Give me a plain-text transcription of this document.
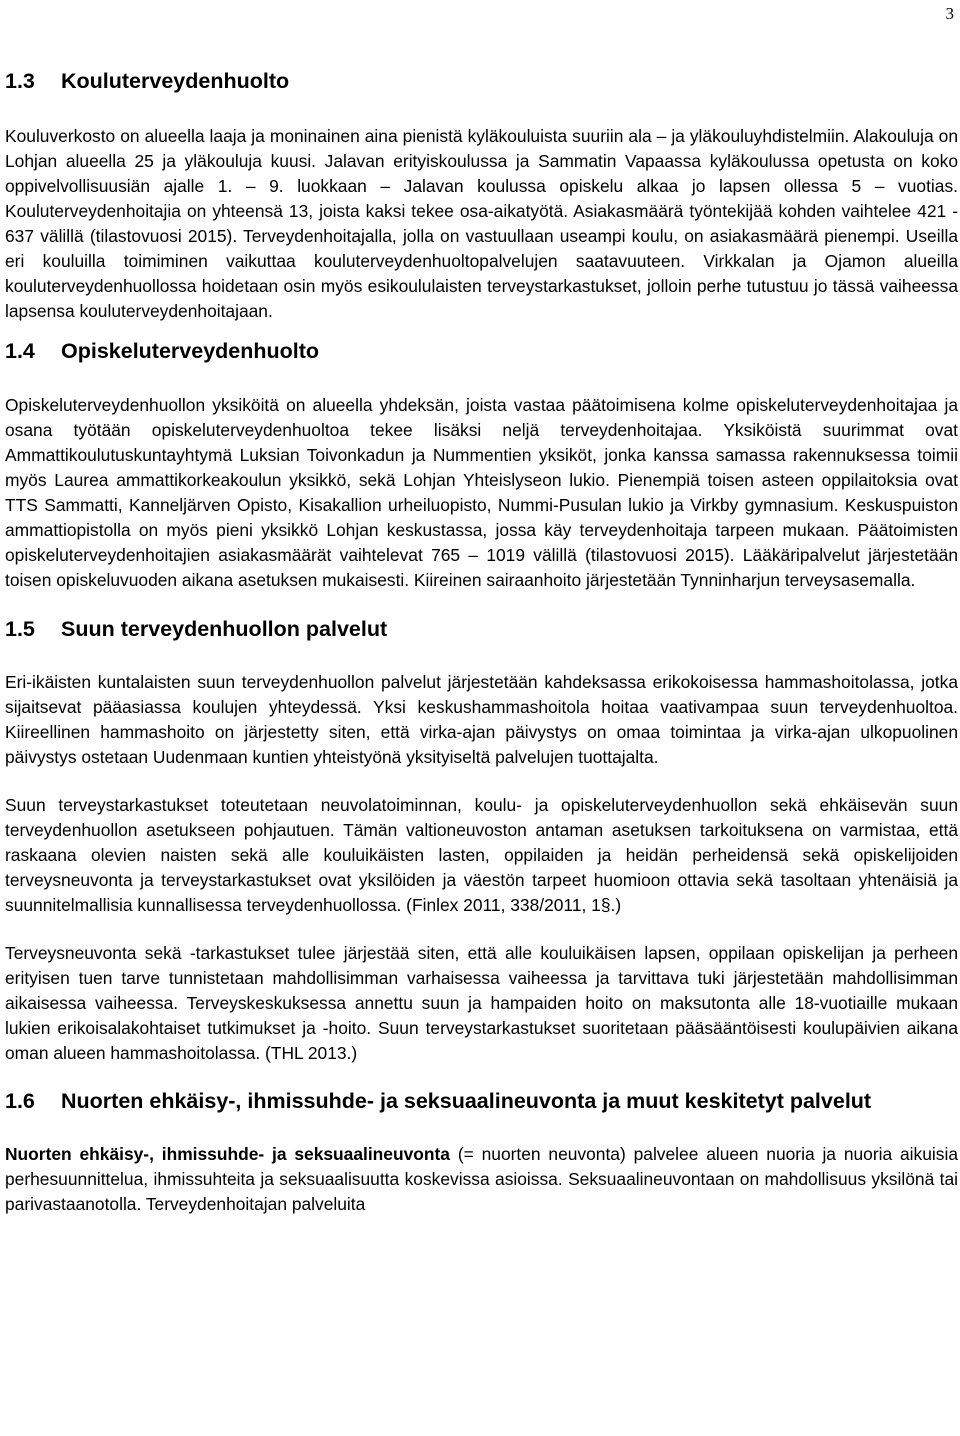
3
1.3 Kouluterveydenhuolto

Kouluverkosto on alueella laaja ja moninainen aina pienistä kyläkouluista suuriin ala – ja yläkouluyhdistelmiin. Alakouluja on Lohjan alueella 25 ja yläkouluja kuusi. Jalavan erityiskoulussa ja Sammatin Vapaassa kyläkoulussa opetusta on koko oppivelvollisuusiän ajalle 1. – 9. luokkaan – Jalavan koulussa opiskelu alkaa jo lapsen ollessa 5 – vuotias. Kouluterveydenhoitajia on yhteensä 13, joista kaksi tekee osa-aikatyötä. Asiakasmäärä työntekijää kohden vaihtelee 421 - 637 välillä (tilastovuosi 2015). Terveydenhoitajalla, jolla on vastuullaan useampi koulu, on asiakasmäärä pienempi. Useilla eri kouluilla toimiminen vaikuttaa kouluterveydenhuoltopalvelujen saatavuuteen. Virkkalan ja Ojamon alueilla kouluterveydenhuollossa hoidetaan osin myös esikoululaisten terveystarkastukset, jolloin perhe tutustuu jo tässä vaiheessa lapsensa kouluterveydenhoitajaan.

1.4 Opiskeluterveydenhuolto

Opiskeluterveydenhuollon yksiköitä on alueella yhdeksän, joista vastaa päätoimisena kolme opiskeluterveydenhoitajaa ja osana työtään opiskeluterveydenhuoltoa tekee lisäksi neljä terveydenhoitajaa. Yksiköistä suurimmat ovat Ammattikoulutuskuntayhtymä Luksian Toivonkadun ja Nummentien yksiköt, jonka kanssa samassa rakennuksessa toimii myös Laurea ammattikorkeakoulun yksikkö, sekä Lohjan Yhteislyseon lukio. Pienempiä toisen asteen oppilaitoksia ovat TTS Sammatti, Kanneljärven Opisto, Kisakallion urheiluopisto, Nummi-Pusulan lukio ja Virkby gymnasium. Keskuspuiston ammattiopistolla on myös pieni yksikkö Lohjan keskustassa, jossa käy terveydenhoitaja tarpeen mukaan. Päätoimisten opiskeluterveydenhoitajien asiakasmäärät vaihtelevat 765 – 1019 välillä (tilastovuosi 2015). Lääkäripalvelut järjestetään toisen opiskeluvuoden aikana asetuksen mukaisesti. Kiireinen sairaanhoito järjestetään Tynninharjun terveysasemalla.

1.5 Suun terveydenhuollon palvelut

Eri-ikäisten kuntalaisten suun terveydenhuollon palvelut järjestetään kahdeksassa erikokoisessa hammashoitolassa, jotka sijaitsevat pääasiassa koulujen yhteydessä. Yksi keskushammashoitola hoitaa vaativampaa suun terveydenhuoltoa. Kiireellinen hammashoito on järjestetty siten, että virka-ajan päivystys on omaa toimintaa ja virka-ajan ulkopuolinen päivystys ostetaan Uudenmaan kuntien yhteistyönä yksityiseltä palvelujen tuottajalta.

Suun terveystarkastukset toteutetaan neuvolatoiminnan, koulu- ja opiskeluterveydenhuollon sekä ehkäisevän suun terveydenhuollon asetukseen pohjautuen. Tämän valtioneuvoston antaman asetuksen tarkoituksena on varmistaa, että raskaana olevien naisten sekä alle kouluikäisten lasten, oppilaiden ja heidän perheidensä sekä opiskelijoiden terveysneuvonta ja terveystarkastukset ovat yksilöiden ja väestön tarpeet huomioon ottavia sekä tasoltaan yhtenäisiä ja suunnitelmallisia kunnallisessa terveydenhuollossa. (Finlex 2011, 338/2011, 1§.)

Terveysneuvonta sekä -tarkastukset tulee järjestää siten, että alle kouluikäisen lapsen, oppilaan opiskelijan ja perheen erityisen tuen tarve tunnistetaan mahdollisimman varhaisessa vaiheessa ja tarvittava tuki järjestetään mahdollisimman aikaisessa vaiheessa. Terveyskeskuksessa annettu suun ja hampaiden hoito on maksutonta alle 18-vuotiaille mukaan lukien erikoisalakohtaiset tutkimukset ja -hoito. Suun terveystarkastukset suoritetaan pääsääntöisesti koulupäivien aikana oman alueen hammashoitolassa. (THL 2013.)

1.6 Nuorten ehkäisy-, ihmissuhde- ja seksuaalineuvonta ja muut keskitetyt palvelut

Nuorten ehkäisy-, ihmissuhde- ja seksuaalineuvonta (= nuorten neuvonta) palvelee alueen nuoria ja nuoria aikuisia perhesuunnittelua, ihmissuhteita ja seksuaalisuutta koskevissa asioissa. Seksuaalineuvontaan on mahdollisuus yksilönä tai parivastaanotolla. Terveydenhoitajan palveluita
